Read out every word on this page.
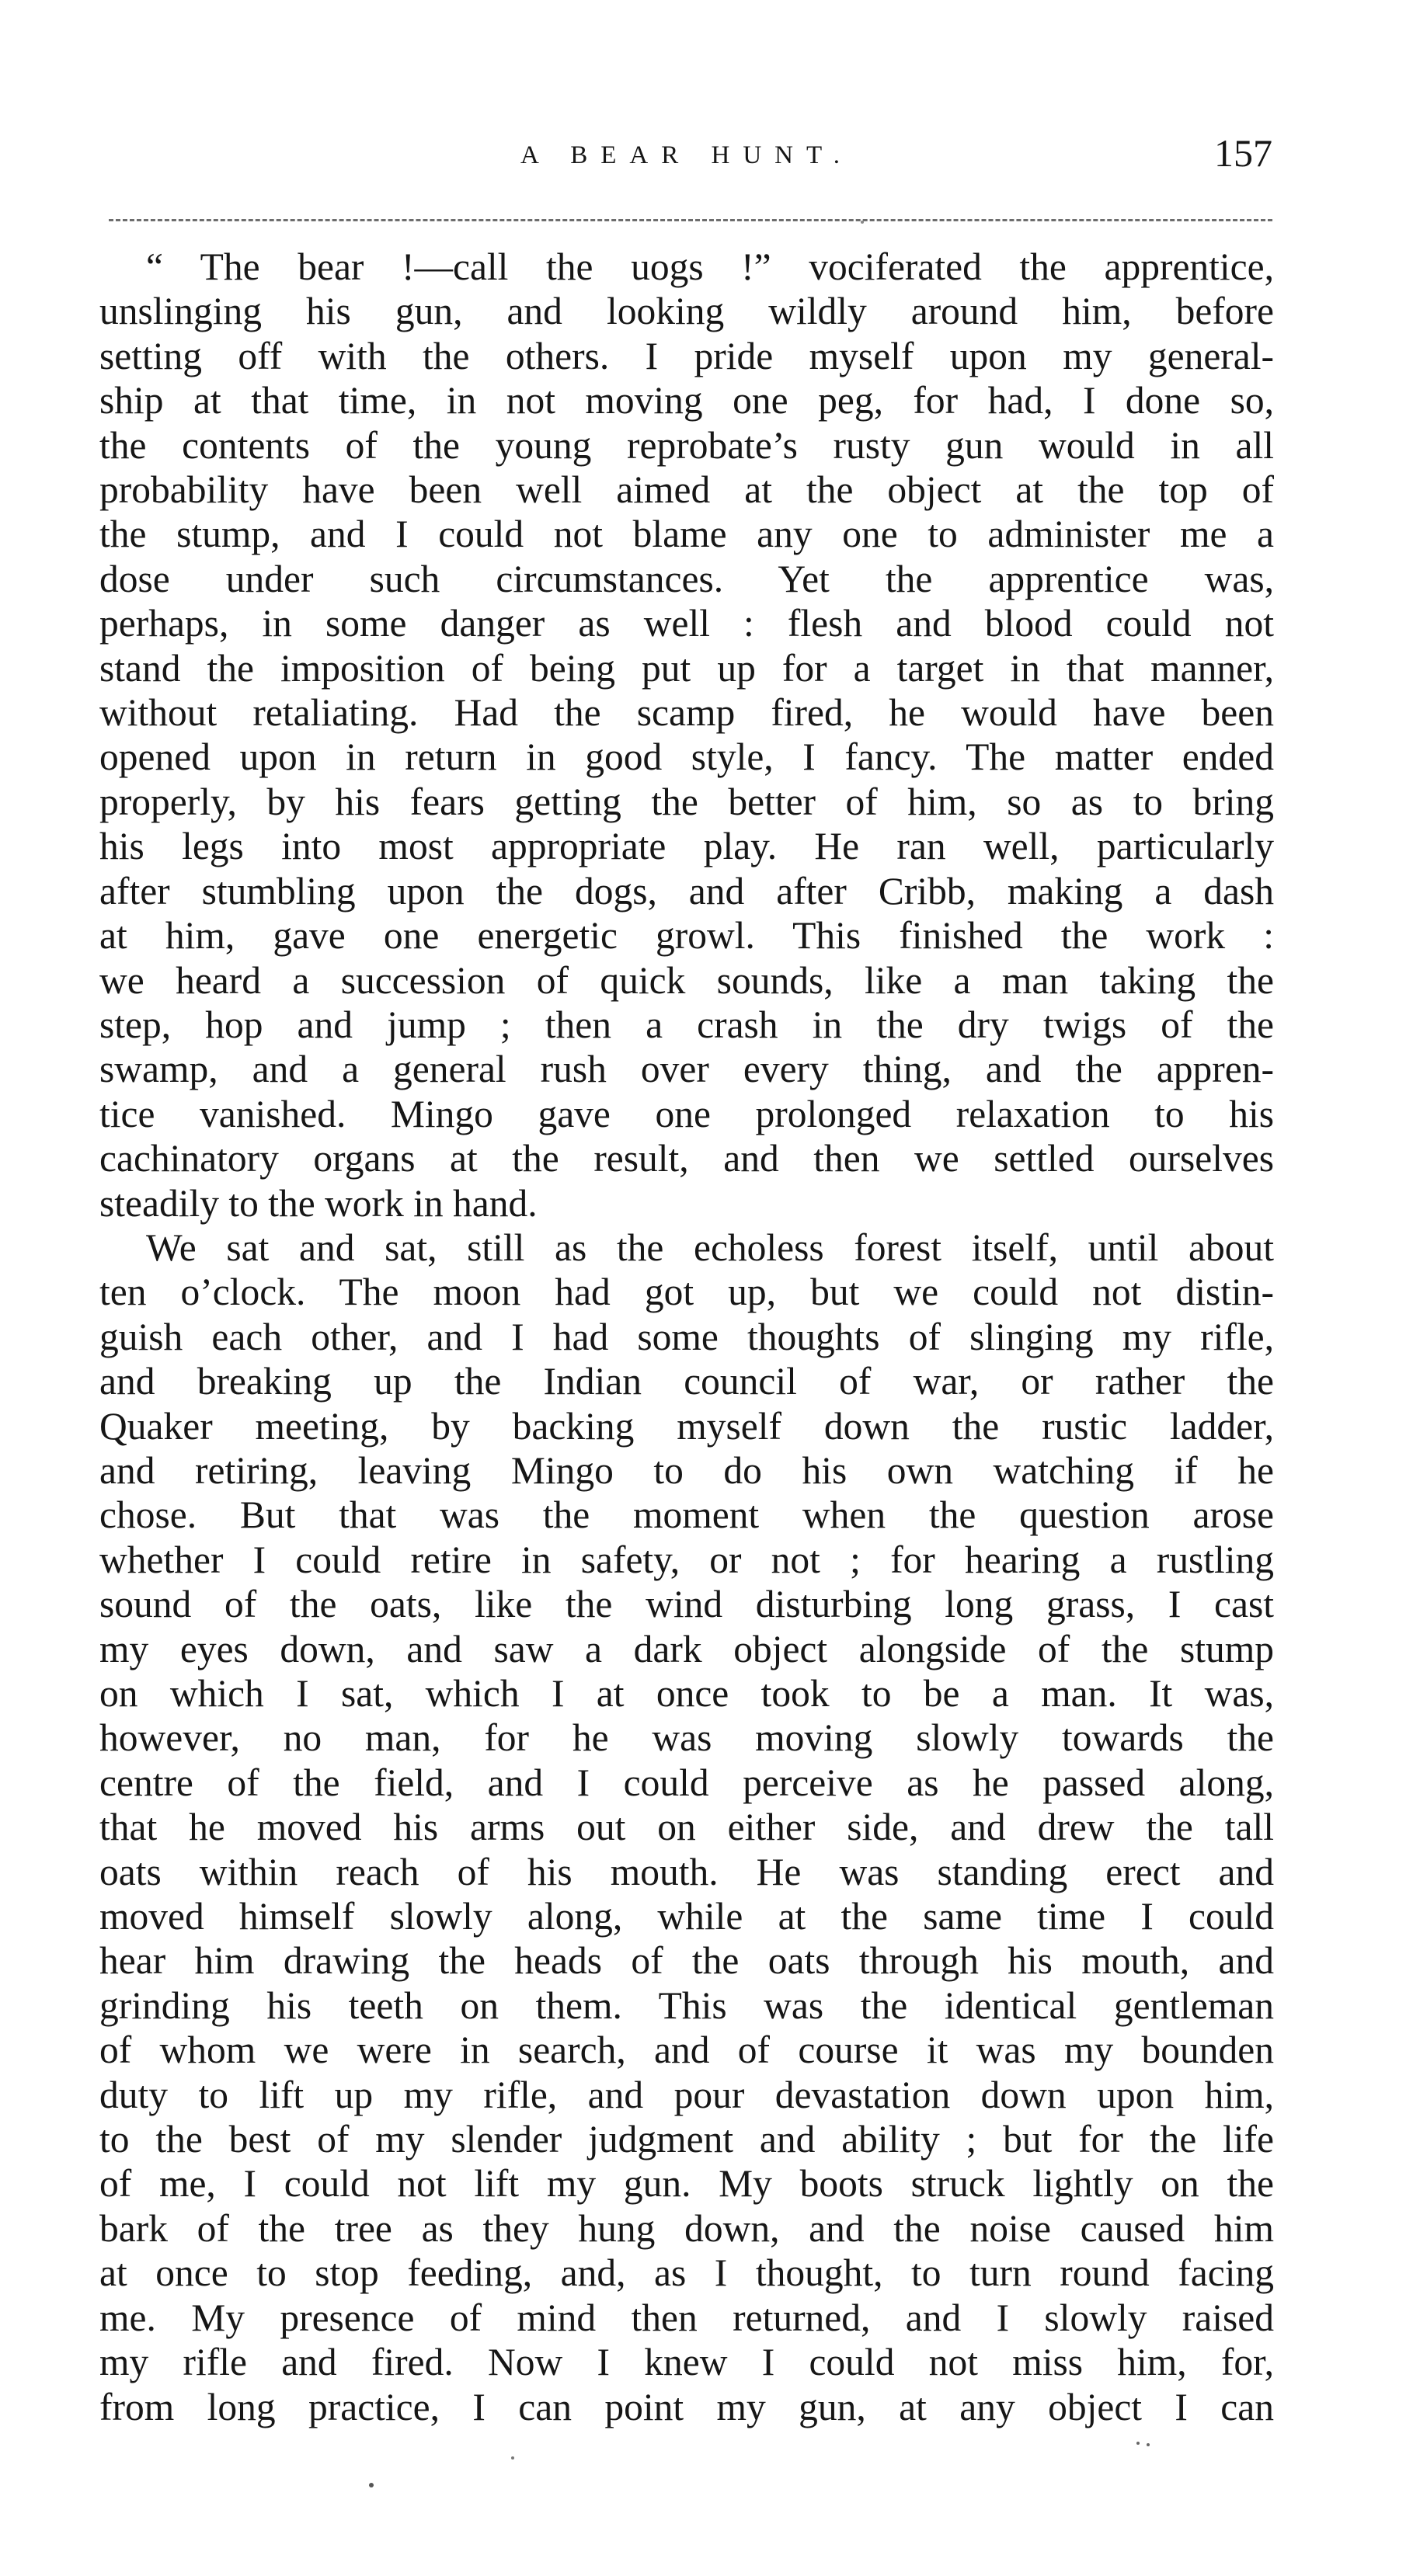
A BEAR HUNT.	157
“ The bear !—call the uogs !” vociferated the apprentice,
unslinging his gun, and looking wildly around him, before
setting off with the others. I pride myself upon my general-
ship at that time, in not moving one peg, for had, I done so,
the contents of the young reprobate’s rusty gun would in all
probability have been well aimed at the object at the top of
the stump, and I could not blame any one to administer me a
dose under such circumstances. Yet the apprentice was,
perhaps, in some danger as well : flesh and blood could not
stand the imposition of being put up for a target in that manner,
without retaliating. Had the scamp fired, he would have been
opened upon in return in good style, I fancy. The matter ended
properly, by his fears getting the better of him, so as to bring
his legs into most appropriate play. He ran well, particularly
after stumbling upon the dogs, and after Cribb, making a dash
at him, gave one energetic growl. This finished the work :
we heard a succession of quick sounds, like a man taking the
step, hop and jump ; then a crash in the dry twigs of the
swamp, and a general rush over every thing, and the appren-
tice vanished. Mingo gave one prolonged relaxation to his
cachinatory organs at the result, and then we settled ourselves
steadily to the work in hand.
We sat and sat, still as the echoless forest itself, until about
ten o’clock. The moon had got up, but we could not distin-
guish each other, and I had some thoughts of slinging my rifle,
and breaking up the Indian council of war, or rather the
Quaker meeting, by backing myself down the rustic ladder,
and retiring, leaving Mingo to do his own watching if he
chose. But that was the moment when the question arose
whether I could retire in safety, or not ; for hearing a rustling
sound of the oats, like the wind disturbing long grass, I cast
my eyes down, and saw a dark object alongside of the stump
on which I sat, which I at once took to be a man. It was,
however, no man, for he was moving slowly towards the
centre of the field, and I could perceive as he passed along,
that he moved his arms out on either side, and drew the tall
oats within reach of his mouth. He was standing erect and
moved himself slowly along, while at the same time I could
hear him drawing the heads of the oats through his mouth, and
grinding his teeth on them. This was the identical gentleman
of whom we were in search, and of course it was my bounden
duty to lift up my rifle, and pour devastation down upon him,
to the best of my slender judgment and ability ; but for the life
of me, I could not lift my gun. My boots struck lightly on the
bark of the tree as they hung down, and the noise caused him
at once to stop feeding, and, as I thought, to turn round facing
me. My presence of mind then returned, and I slowly raised
my rifle and fired. Now I knew I could not miss him, for,
from long practice, I can point my gun, at any object I can
